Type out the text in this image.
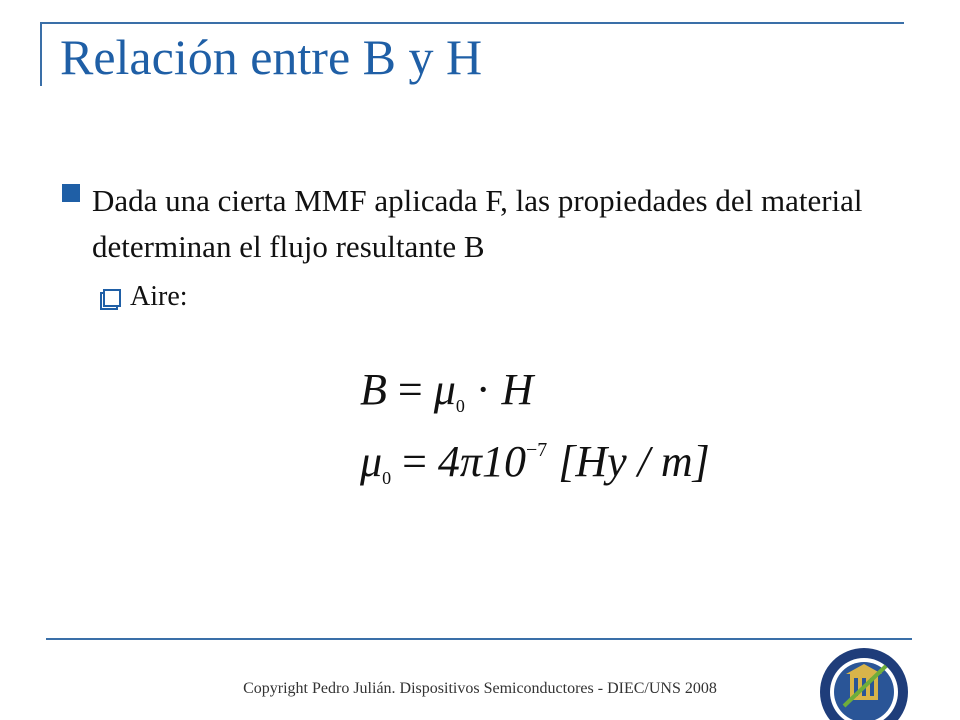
Relación entre B y H
Dada una cierta MMF aplicada F, las propiedades del material determinan el flujo resultante B
Aire:
$B = \mu_0 \cdot H$
$\mu_0 = 4\pi 10^{-7}$ [Hy / m]
Copyright Pedro Julián. Dispositivos Semiconductores - DIEC/UNS 2008
